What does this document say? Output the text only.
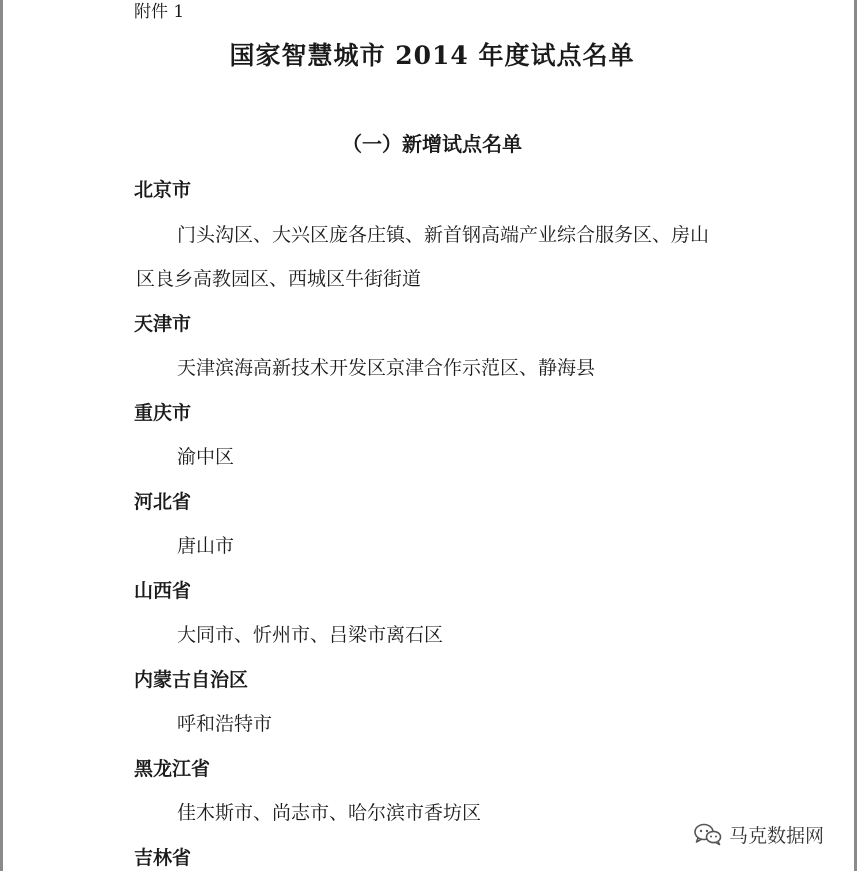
附件 1
国家智慧城市 2014 年度试点名单
（一）新增试点名单
北京市
门头沟区、大兴区庞各庄镇、新首钢高端产业综合服务区、房山
区良乡高教园区、西城区牛街街道
天津市
天津滨海高新技术开发区京津合作示范区、静海县
重庆市
渝中区
河北省
唐山市
山西省
大同市、忻州市、吕梁市离石区
内蒙古自治区
呼和浩特市
黑龙江省
佳木斯市、尚志市、哈尔滨市香坊区
吉林省
马克数据网
